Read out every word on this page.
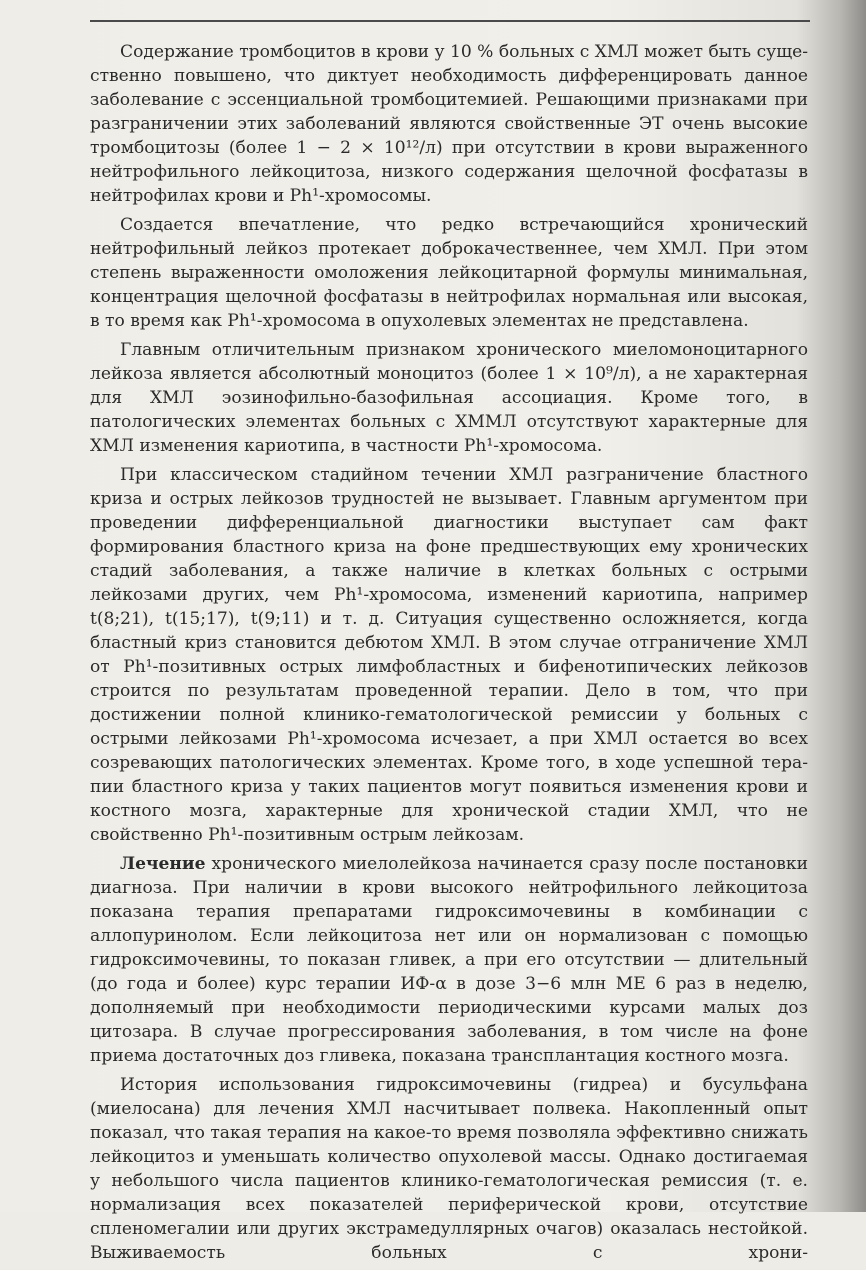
Содержание тромбоцитов в крови у 10 % больных с ХМЛ может быть существенно повышено, что диктует необходимость дифференцировать данное заболевание с эссенциальной тромбоцитемией. Решающими признаками при разграничении этих заболеваний являются свойственные ЭТ очень высокие тромбоцитозы (более 1 − 2 × 10¹²/л) при отсутствии в крови выраженного нейтрофильного лейкоцитоза, низкого содержания щелочной фосфатазы в нейтрофилах крови и Ph¹-хромосомы.

Создается впечатление, что редко встречающийся хронический нейтрофильный лейкоз протекает доброкачественнее, чем ХМЛ. При этом степень выраженности омоложения лейкоцитарной формулы минимальная, концентрация щелочной фосфатазы в нейтрофилах нормальная или высокая, в то время как Ph¹-хромосома в опухолевых элементах не представлена.

Главным отличительным признаком хронического миеломоноцитарного лейкоза является абсолютный моноцитоз (более 1 × 10⁹/л), а не характерная для ХМЛ эозинофильно-базофильная ассоциация. Кроме того, в патологических элементах больных с ХММЛ отсутствуют характерные для ХМЛ изменения кариотипа, в частности Ph¹-хромосома.

При классическом стадийном течении ХМЛ разграничение бластного криза и острых лейкозов трудностей не вызывает. Главным аргументом при проведении дифференциальной диагностики выступает сам факт формирования бластного криза на фоне предшествующих ему хронических стадий заболевания, а также наличие в клетках больных с острыми лейкозами других, чем Ph¹-хромосома, изменений кариотипа, например t(8;21), t(15;17), t(9;11) и т. д. Ситуация существенно осложняется, когда бластный криз становится дебютом ХМЛ. В этом случае отграничение ХМЛ от Ph¹-позитивных острых лимфобластных и бифенотипических лейкозов строится по результатам проведенной терапии. Дело в том, что при достижении полной клинико-гематологической ремиссии у больных с острыми лейкозами Ph¹-хромосома исчезает, а при ХМЛ остается во всех созревающих патологических элементах. Кроме того, в ходе успешной терапии бластного криза у таких пациентов могут появиться изменения крови и костного мозга, характерные для хронической стадии ХМЛ, что не свойственно Ph¹-позитивным острым лейкозам.

Лечение хронического миелолейкоза начинается сразу после постановки диагноза. При наличии в крови высокого нейтрофильного лейкоцитоза показана терапия препаратами гидроксимочевины в комбинации с аллопуринолом. Если лейкоцитоза нет или он нормализован с помощью гидроксимочевины, то показан гливек, а при его отсутствии — длительный (до года и более) курс терапии ИФ-α в дозе 3−6 млн МЕ 6 раз в неделю, дополняемый при необходимости периодическими курсами малых доз цитозара. В случае прогрессирования заболевания, в том числе на фоне приема достаточных доз гливека, показана трансплантация костного мозга.

История использования гидроксимочевины (гидреа) и бусульфана (миелосана) для лечения ХМЛ насчитывает полвека. Накопленный опыт показал, что такая терапия на какое-то время позволяла эффективно снижать лейкоцитоз и уменьшать количество опухолевой массы. Однако достигаемая у небольшого числа пациентов клинико-гематологическая ремиссия (т. е. нормализация всех показателей периферической крови, отсутствие спленомегалии или других экстрамедуллярных очагов) оказалась нестойкой. Выживаемость больных с хрони-
